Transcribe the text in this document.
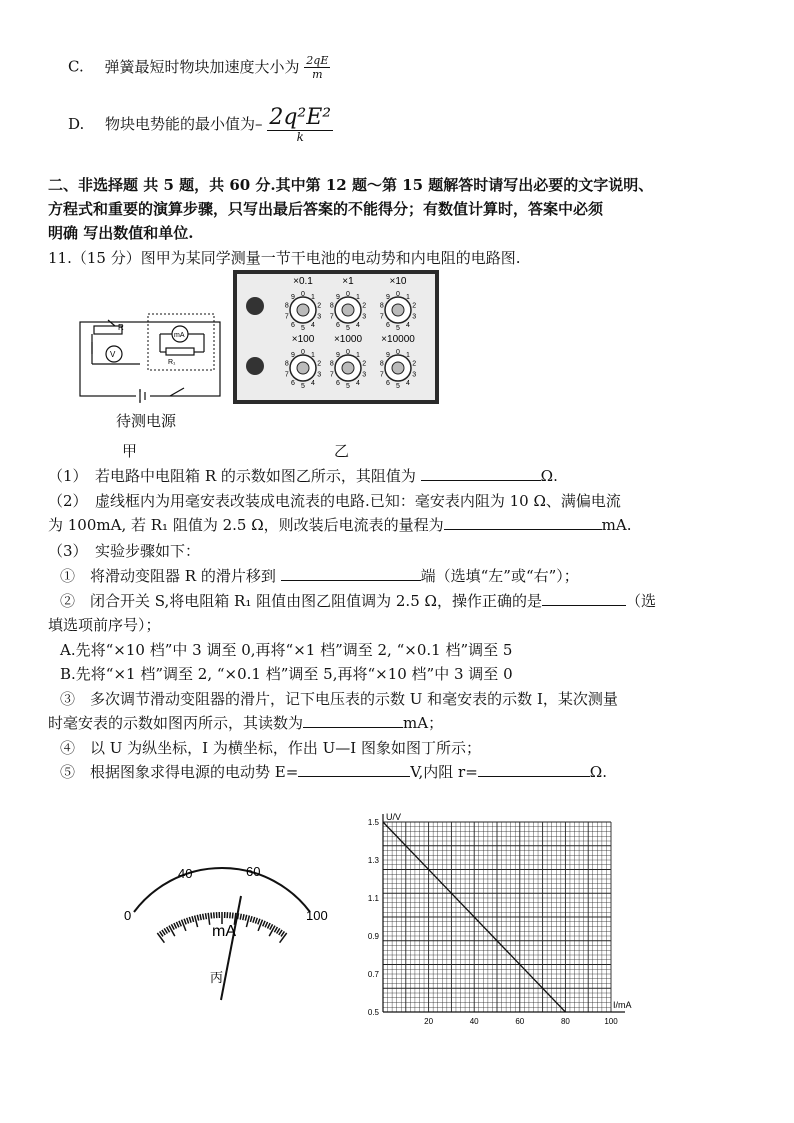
C. 弹簧最短时物块加速度大小为 $\frac{2qE}{m}$
D. 物块电势能的最小值为– $\frac{\text{2q²E²}}{k}$
二、非选择题 共 5 题，共 60 分.其中第 12 题～第 15 题解答时请写出必要的文字说明、
方程式和重要的演算步骤，只写出最后答案的不能得分；有数值计算时，答案中必须
明确 写出数值和单位.
11.（15 分）图甲为某同学测量一节干电池的电动势和内电阻的电路图.
R
V
mA
R₁
待测电源
甲
0 1
2
3
4
5
6
7
8
9
×0.1
0 1
2
3
4
5
6
7
8
9
×1
0 1
2
3
4
5
6
7
8
9
×10
0 1
2
3
4
5
6
7
8
9
×100
0 1
2
3
4
5
6
7
8
9
×1000
0 1
2
3
4
5
6
7
8
9
×10000
乙
（1）　若电路中电阻箱 R 的示数如图乙所示，其阻值为	Ω.
（2）　虚线框内为用毫安表改装成电流表的电路.已知：毫安表内阻为 10 Ω、满偏电流
为 100mA, 若 R₁ 阻值为 2.5 Ω，则改装后电流表的量程为	mA.
（3）　实验步骤如下：
①　将滑动变阻器 R 的滑片移到	端（选填“左”或“右”）；
②　闭合开关 S,将电阻箱 R₁ 阻值由图乙阻值调为 2.5 Ω，操作正确的是	（选
填选项前序号）；
A.先将“×10 档”中 3 调至 0,再将“×1 档”调至 2, “×0.1 档”调至 5
B.先将“×1 档”调至 2, “×0.1 档”调至 5,再将“×10 档”中 3 调至 0
③　多次调节滑动变阻器的滑片，记下电压表的示数 U 和毫安表的示数 I，某次测量
时毫安表的示数如图丙所示，其读数为	mA；
④　以 U 为纵坐标，I 为横坐标，作出 U—I 图象如图丁所示；
⑤　根据图象求得电源的电动势 E=	V,内阻 r=	Ω.
0
40	60
100
mA
丙
U/V
I/mA
0.5
0.7
0.9
1.1
1.3
1.5
20	40	60	80	100
